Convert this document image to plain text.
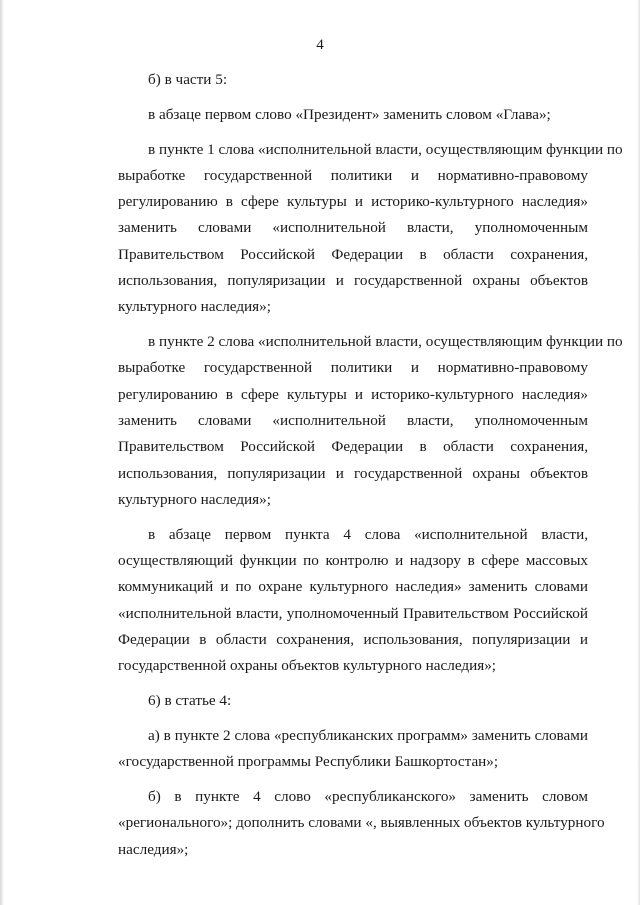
4
б) в части 5:
в абзаце первом слово «Президент» заменить словом «Глава»;
в пункте 1 слова «исполнительной власти, осуществляющим функции по
выработке государственной политики и нормативно-правовому
регулированию в сфере культуры и историко-культурного наследия»
заменить словами «исполнительной власти, уполномоченным
Правительством Российской Федерации в области сохранения,
использования, популяризации и государственной охраны объектов
культурного наследия»;
в пункте 2 слова «исполнительной власти, осуществляющим функции по
выработке государственной политики и нормативно-правовому
регулированию в сфере культуры и историко-культурного наследия»
заменить словами «исполнительной власти, уполномоченным
Правительством Российской Федерации в области сохранения,
использования, популяризации и государственной охраны объектов
культурного наследия»;
в абзаце первом пункта 4 слова «исполнительной власти,
осуществляющий функции по контролю и надзору в сфере массовых
коммуникаций и по охране культурного наследия» заменить словами
«исполнительной власти, уполномоченный Правительством Российской
Федерации в области сохранения, использования, популяризации и
государственной охраны объектов культурного наследия»;
6) в статье 4:
а) в пункте 2 слова «республиканских программ» заменить словами
«государственной программы Республики Башкортостан»;
б) в пункте 4 слово «республиканского» заменить словом
«регионального»; дополнить словами «, выявленных объектов культурного
наследия»;
